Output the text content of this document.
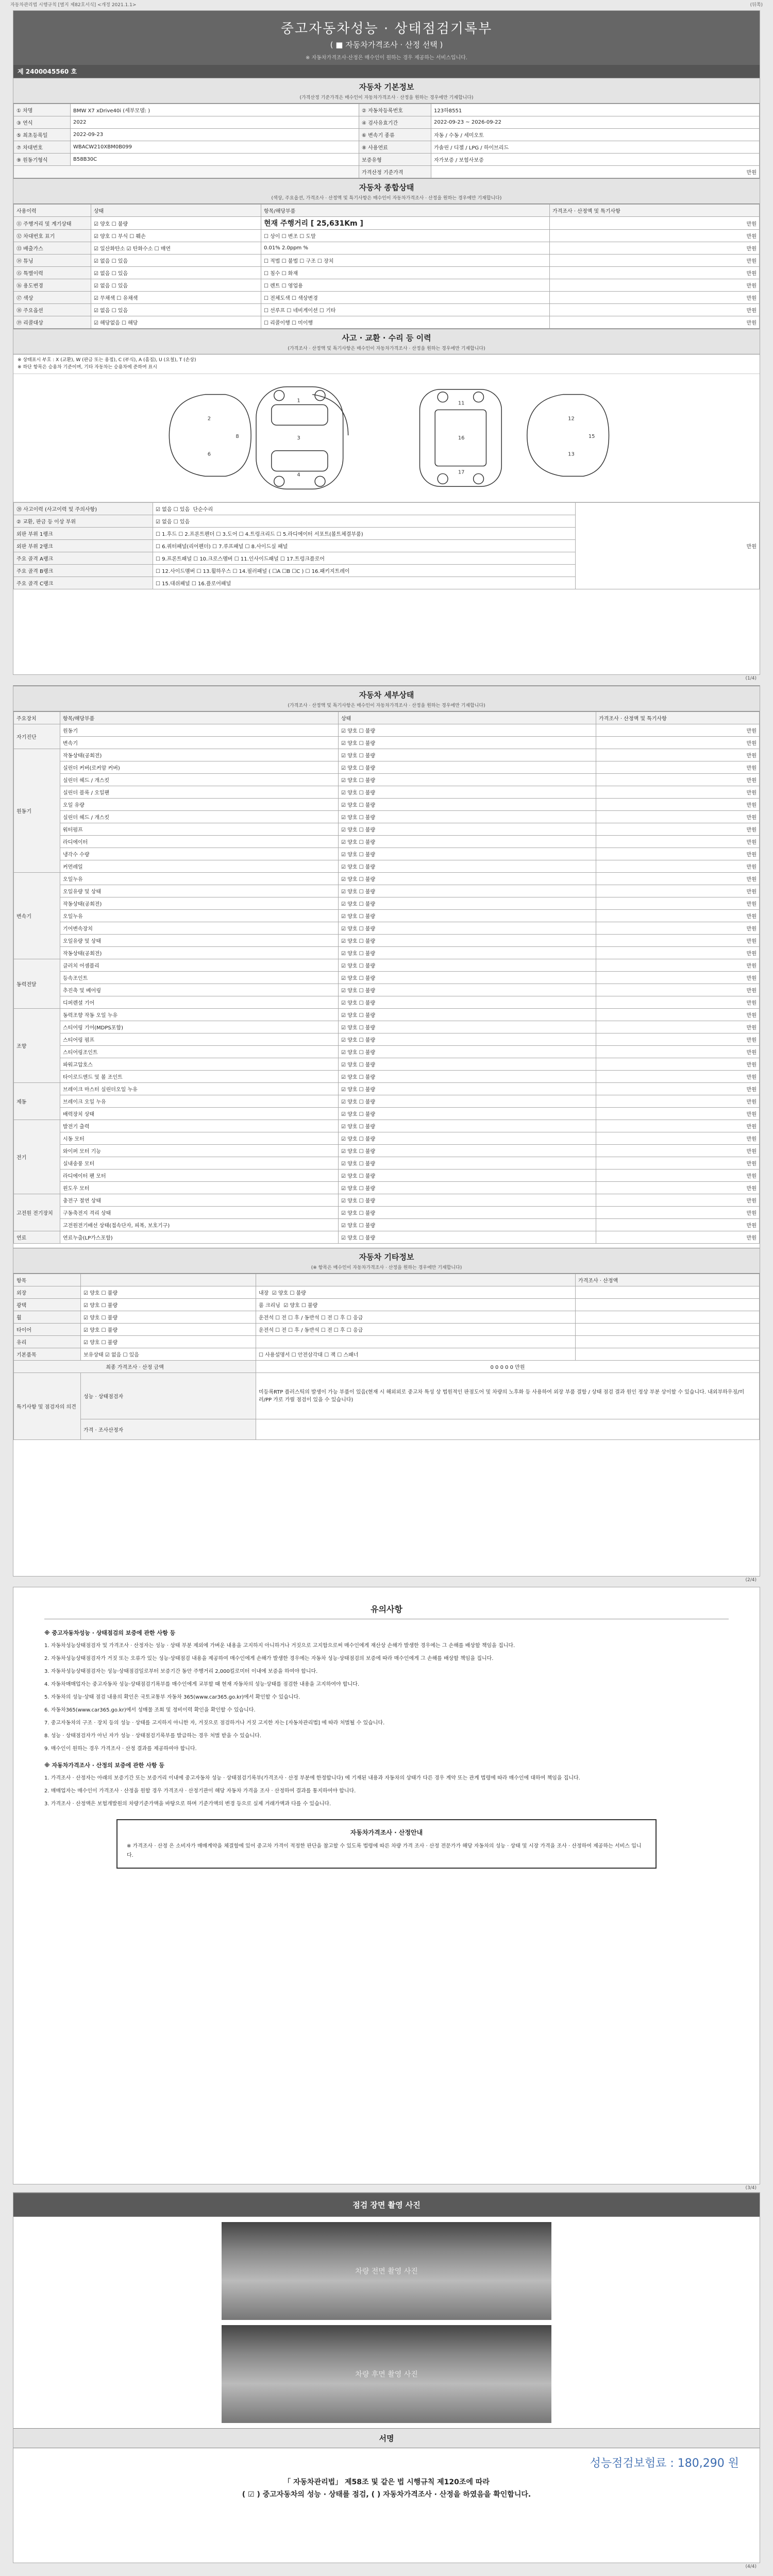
자동차관리법 시행규칙 [별지 제82호서식] <개정 2021.1.1>	(뒤쪽)
중고자동차성능 · 상태점검기록부
( ■ 자동차가격조사 · 산정 선택 )
※ 자동차가격조사·산정은 매수인이 원하는 경우 제공하는 서비스입니다.
제 2400045560 호
자동차 기본정보
(가격산정 기준가격은 매수인이 자동차가격조사 · 산정을 원하는 경우에만 기재합니다)
① 차명	BMW X7 xDrive40i (세부모델: )	② 자동차등록번호	123하8551
③ 연식	2022	④ 검사유효기간	2022-09-23 ~ 2026-09-22
⑤ 최초등록일	2022-09-23	⑥ 변속기 종류	자동 / 수동 / 세미오토
⑦ 차대번호	WBACW210XBM0B099	⑧ 사용연료	가솔린 / 디젤 / LPG / 하이브리드
⑨ 원동기형식	B58B30C	보증유형	자가보증 / 보험사보증
		가격산정 기준가격	만원
자동차 종합상태
(색상, 주요옵션, 가격조사 · 산정액 및 특기사항은 매수인이 자동차가격조사 · 산정을 원하는 경우에만 기재합니다)
사용이력	상태	항목/해당부품	가격조사 · 산정액 및 특기사항
⑪ 주행거리 및 계기상태	☑ 양호 ☐ 불량	현재 주행거리 [ 25,631Km ]	만원
⑫ 차대번호 표기	☑ 양호 ☐ 부식 ☐ 훼손	☐ 상이 ☐ 변조 ☐ 도말	만원
⑬ 배출가스	☑ 일산화탄소 ☑ 탄화수소 ☐ 매연	0.01% 2.0ppm %	만원
⑭ 튜닝	☑ 없음 ☐ 있음	☐ 적법 ☐ 불법 ☐ 구조 ☐ 장치	만원
⑮ 특별이력	☑ 없음 ☐ 있음	☐ 침수 ☐ 화재	만원
⑯ 용도변경	☑ 없음 ☐ 있음	☐ 렌트 ☐ 영업용	만원
⑰ 색상	☑ 무채색 ☐ 유채색	☐ 전체도색 ☐ 색상변경	만원
⑱ 주요옵션	☑ 없음 ☐ 있음	☐ 선루프 ☐ 네비게이션 ☐ 기타	만원
⑲ 리콜대상	☑ 해당없음 ☐ 해당	☐ 리콜이행 ☐ 미이행	만원
사고 · 교환 · 수리 등 이력
(가격조사 · 산정액 및 특기사항은 매수인이 자동차가격조사 · 산정을 원하는 경우에만 기재합니다)
※ 상태표시 부호 : X (교환), W (판금 또는 용접), C (부식), A (흠집), U (요철), T (손상)
※ 하단 항목은 승용차 기준이며, 기타 자동차는 승용차에 준하여 표시
1
3
4
2
6
8
11
16
17
12
13
15
⑳ 사고이력 (사고이력 및 주의사항)	☑ 없음 ☐ 있음 단순수리	만원
② 교환, 판금 등 이상 부위	☑ 없음 ☐ 있음	
외판 부위 1랭크	☐ 1.후드 ☐ 2.프론트펜더 ☐ 3.도어 ☐ 4.트렁크리드 ☐ 5.라디에이터 서포트(볼트체결부품)	
외판 부위 2랭크	☐ 6.쿼터패널(리어펜더) ☐ 7.루프패널 ☐ 8.사이드실 패널	
주요 골격 A랭크	☐ 9.프론트패널 ☐ 10.크로스멤버 ☐ 11.인사이드패널 ☐ 17.트렁크플로어	
주요 골격 B랭크	☐ 12.사이드멤버 ☐ 13.휠하우스 ☐ 14.필러패널 ( ☐A ☐B ☐C ) ☐ 16.패키지트레이	
주요 골격 C랭크	☐ 15.대쉬패널 ☐ 16.플로어패널	
(1/4)
자동차 세부상태
(가격조사 · 산정액 및 특기사항은 매수인이 자동차가격조사 · 산정을 원하는 경우에만 기재합니다)
주요장치	항목/해당부품	상태	가격조사 · 산정액 및 특기사항
자기진단	원동기	☑ 양호 ☐ 불량	만원
	변속기	☑ 양호 ☐ 불량	만원
원동기	작동상태(공회전)	☑ 양호 ☐ 불량	만원
	실린더 커버(로커암 커버)	☑ 양호 ☐ 불량	만원
	실린더 헤드 / 개스킷	☑ 양호 ☐ 불량	만원
	실린더 블록 / 오일팬	☑ 양호 ☐ 불량	만원
	오일 유량	☑ 양호 ☐ 불량	만원
	실린더 헤드 / 개스킷	☑ 양호 ☐ 불량	만원
	워터펌프	☑ 양호 ☐ 불량	만원
	라디에이터	☑ 양호 ☐ 불량	만원
	냉각수 수량	☑ 양호 ☐ 불량	만원
	커먼레일	☑ 양호 ☐ 불량	만원
변속기	오일누유	☑ 양호 ☐ 불량	만원
	오일유량 및 상태	☑ 양호 ☐ 불량	만원
	작동상태(공회전)	☑ 양호 ☐ 불량	만원
	오일누유	☑ 양호 ☐ 불량	만원
	기어변속장치	☑ 양호 ☐ 불량	만원
	오일유량 및 상태	☑ 양호 ☐ 불량	만원
	작동상태(공회전)	☑ 양호 ☐ 불량	만원
동력전달	클러치 어셈블리	☑ 양호 ☐ 불량	만원
	등속조인트	☑ 양호 ☐ 불량	만원
	추진축 및 베어링	☑ 양호 ☐ 불량	만원
	디퍼렌셜 기어	☑ 양호 ☐ 불량	만원
조향	동력조향 작동 오일 누유	☑ 양호 ☐ 불량	만원
	스티어링 기어(MDPS포함)	☑ 양호 ☐ 불량	만원
	스티어링 펌프	☑ 양호 ☐ 불량	만원
	스티어링조인트	☑ 양호 ☐ 불량	만원
	파워고압호스	☑ 양호 ☐ 불량	만원
	타이로드엔드 및 볼 조인트	☑ 양호 ☐ 불량	만원
제동	브레이크 마스터 실린더오일 누유	☑ 양호 ☐ 불량	만원
	브레이크 오일 누유	☑ 양호 ☐ 불량	만원
	배력장치 상태	☑ 양호 ☐ 불량	만원
전기	발전기 출력	☑ 양호 ☐ 불량	만원
	시동 모터	☑ 양호 ☐ 불량	만원
	와이퍼 모터 기능	☑ 양호 ☐ 불량	만원
	실내송풍 모터	☑ 양호 ☐ 불량	만원
	라디에이터 팬 모터	☑ 양호 ☐ 불량	만원
	윈도우 모터	☑ 양호 ☐ 불량	만원
고전원 전기장치	충전구 절연 상태	☑ 양호 ☐ 불량	만원
	구동축전지 격리 상태	☑ 양호 ☐ 불량	만원
	고전원전기배선 상태(접속단자, 피복, 보호기구)	☑ 양호 ☐ 불량	만원
연료	연료누출(LP가스포함)	☑ 양호 ☐ 불량	만원
자동차 기타정보
(※ 항목은 매수인이 자동차가격조사 · 산정을 원하는 경우에만 기재합니다)
항목			가격조사 · 산정액
외장	☑ 양호 ☐ 불량	내장 ☑ 양호 ☐ 불량	
광택	☑ 양호 ☐ 불량	룸 크리닝 ☑ 양호 ☐ 불량	
휠	☑ 양호 ☐ 불량	운전석 ☐ 전 ☐ 후 / 동반석 ☐ 전 ☐ 후 ☐ 응급	
타이어	☑ 양호 ☐ 불량	운전석 ☐ 전 ☐ 후 / 동반석 ☐ 전 ☐ 후 ☐ 응급	
유리	☑ 양호 ☐ 불량		
기본품목	보유상태 ☑ 없음 ☐ 있음	☐ 사용설명서 ☐ 안전삼각대 ☐ 잭 ☐ 스패너	
최종 가격조사 · 산정 금액		0 0 0 0 0 만원	
특기사항 및 점검자의 의견	성능 · 상태점검자	미등록RTP 플러스틱의 발생이 가능 부품이 있음(현재 시 해외외로 중고차 특성 상 법원적인 판점도어 및 차량의 노후화 등 사용하여 외장 부품 결함 / 상태 점검 결과 원인 정상 부분 상이할 수 있습니다. 내외부하우징/미러/PP 가로 가릴 점검이 있을 수 있습니다)	
	가격 · 조사산정자		
(2/4)
유의사항
※ 중고자동차성능 · 상태점검의 보증에 관한 사항 등

1. 자동차성능상태점검자 및 가격조사 · 산정자는 성능 · 상태 부분 제외에 가벼운 내용을 고지하지 아니하거나 거짓으로 고지함으로써 매수인에게 재산상 손해가 발생한 경우에는 그 손해를 배상할 책임을 집니다.

2. 자동차성능상태점검자가 거짓 또는 오류가 있는 성능·상태점검 내용을 제공하여 매수인에게 손해가 발생한 경우에는 자동차 성능·상태점검의 보증에 따라 매수인에게 그 손해를 배상할 책임을 집니다.

3. 자동차성능상태점검자는 성능·상태점검일로부터 보증기간 동안 주행거리 2,000킬로미터 이내에 보증을 하여야 합니다.

4. 자동차매매업자는 중고자동차 성능·상태점검기록부를 매수인에게 교부할 때 현재 자동차의 성능·상태를 점검한 내용을 고지하여야 합니다.

5. 자동차의 성능·상태 점검 내용의 확인은 국토교통부 자동차 365(www.car365.go.kr)에서 확인할 수 있습니다.

6. 자동차365(www.car365.go.kr)에서 성매물 조회 및 정비이력 확인을 확인할 수 있습니다.

7. 중고자동차의 구조 · 장치 등의 성능 · 상태를 고지하지 아니한 자, 거짓으로 점검하거나 거짓 고지한 자는 [자동차관리법] 에 따라 처벌될 수 있습니다.

8. 성능 · 상태점검자가 아닌 자가 성능 · 상태점검기록부를 발급하는 경우 처벌 받을 수 있습니다.

9. 매수인이 원하는 경우 가격조사 · 산정 결과를 제공하여야 합니다.

※ 자동차가격조사 · 산정의 보증에 관한 사항 등

1. 가격조사 · 산정자는 아래의 보증기간 또는 보증거리 이내에 중고자동차 성능 · 상태점검기록부(가격조사 · 산정 부분에 한정합니다) 에 기재된 내용과 자동차의 상태가 다른 경우 계약 또는 관계 법령에 따라 매수인에 대하여 책임을 집니다.

2. 매매업자는 매수인이 가격조사 · 산정을 원할 경우 가격조사 · 산정기관이 해당 자동차 가격을 조사 · 산정하여 결과를 통지하여야 합니다.

3. 가격조사 · 산정액은 보험개발원의 차량기준가액을 바탕으로 하며 기준가액의 변경 등으로 실제 거래가액과 다를 수 있습니다.

자동차가격조사 · 산정안내
※ 가격조사 · 산정 은 소비자가 매매계약을 체결함에 있어 중고차 가격이 적정한 판단을 참고할 수 있도록 법령에 따른 차량 가격 조사 · 산정 전문가가 해당 자동차의 성능 · 상태 및 시장 가격을 조사 · 산정하여 제공하는 서비스 입니다.
(3/4)
점검 장면 촬영 사진
차량 전면 촬영 사진
차량 후면 촬영 사진
서명
성능점검보험료 : 180,290 원
「 자동차관리법」 제58조 및 같은 법 시행규칙 제120조에 따라
( ☑ ) 중고자동차의 성능 · 상태를 점검, ( ) 자동차가격조사 · 산정을 하였음을 확인합니다.
(4/4)
